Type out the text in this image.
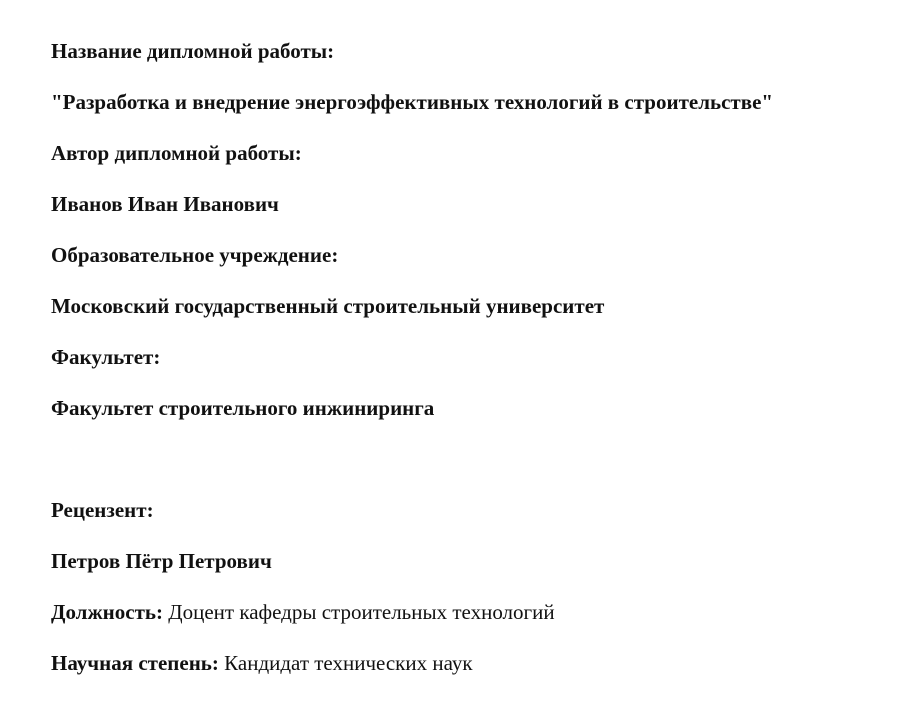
Название дипломной работы:
"Разработка и внедрение энергоэффективных технологий в строительстве"
Автор дипломной работы:
Иванов Иван Иванович
Образовательное учреждение:
Московский государственный строительный университет
Факультет:
Факультет строительного инжиниринга
Рецензент:
Петров Пётр Петрович
Должность: Доцент кафедры строительных технологий
Научная степень: Кандидат технических наук
